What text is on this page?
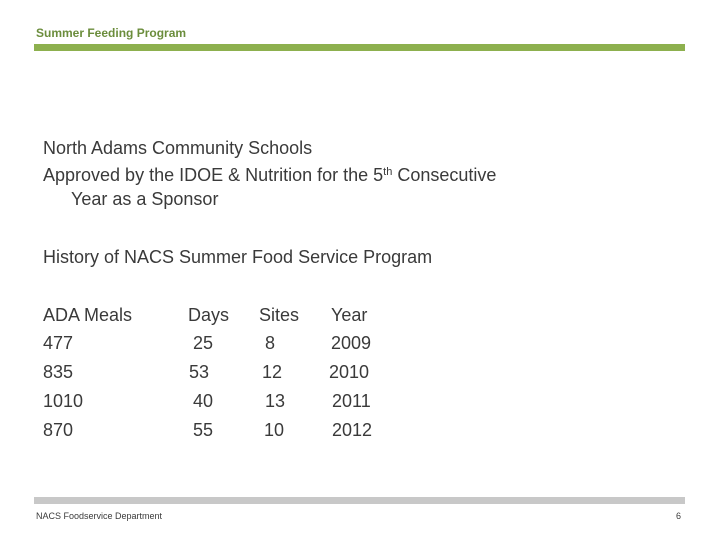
Summer Feeding Program
North Adams Community Schools
Approved by the IDOE & Nutrition for the 5th Consecutive
Year as a Sponsor
History of NACS Summer Food Service Program
ADA Meals	Days Sites Year
477	25	8	2009
835	53	12	2010
1010	40	13	2011
870	55	10	2012
NACS Foodservice Department	6
